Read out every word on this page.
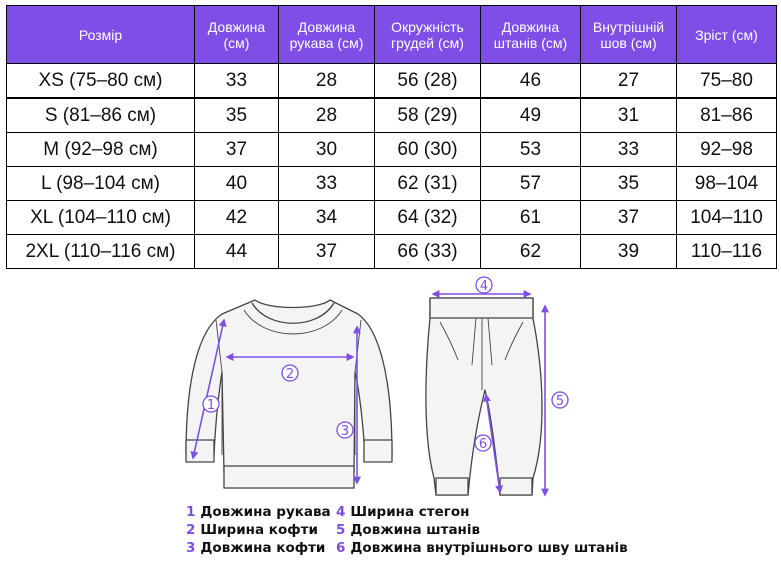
Розмір	Довжина (см)	Довжина рукава (см)	Окружність грудей (см)	Довжина штанів (см)	Внутрішній шов (см)	Зріст (см)
XS (75–80 см)	33	28	56 (28)	46	27	75–80
S (81–86 см)	35	28	58 (29)	49	31	81–86
M (92–98 см)	37	30	60 (30)	53	33	92–98
L (98–104 см)	40	33	62 (31)	57	35	98–104
XL (104–110 см)	42	34	64 (32)	61	37	104–110
2XL (110–116 см)	44	37	66 (33)	62	39	110–116
1
2
3
4
5
6
1 Довжина рукава
2 Ширина кофти
3 Довжина кофти
4 Ширина стегон
5 Довжина штанів
6 Довжина внутрішнього шву штанів
